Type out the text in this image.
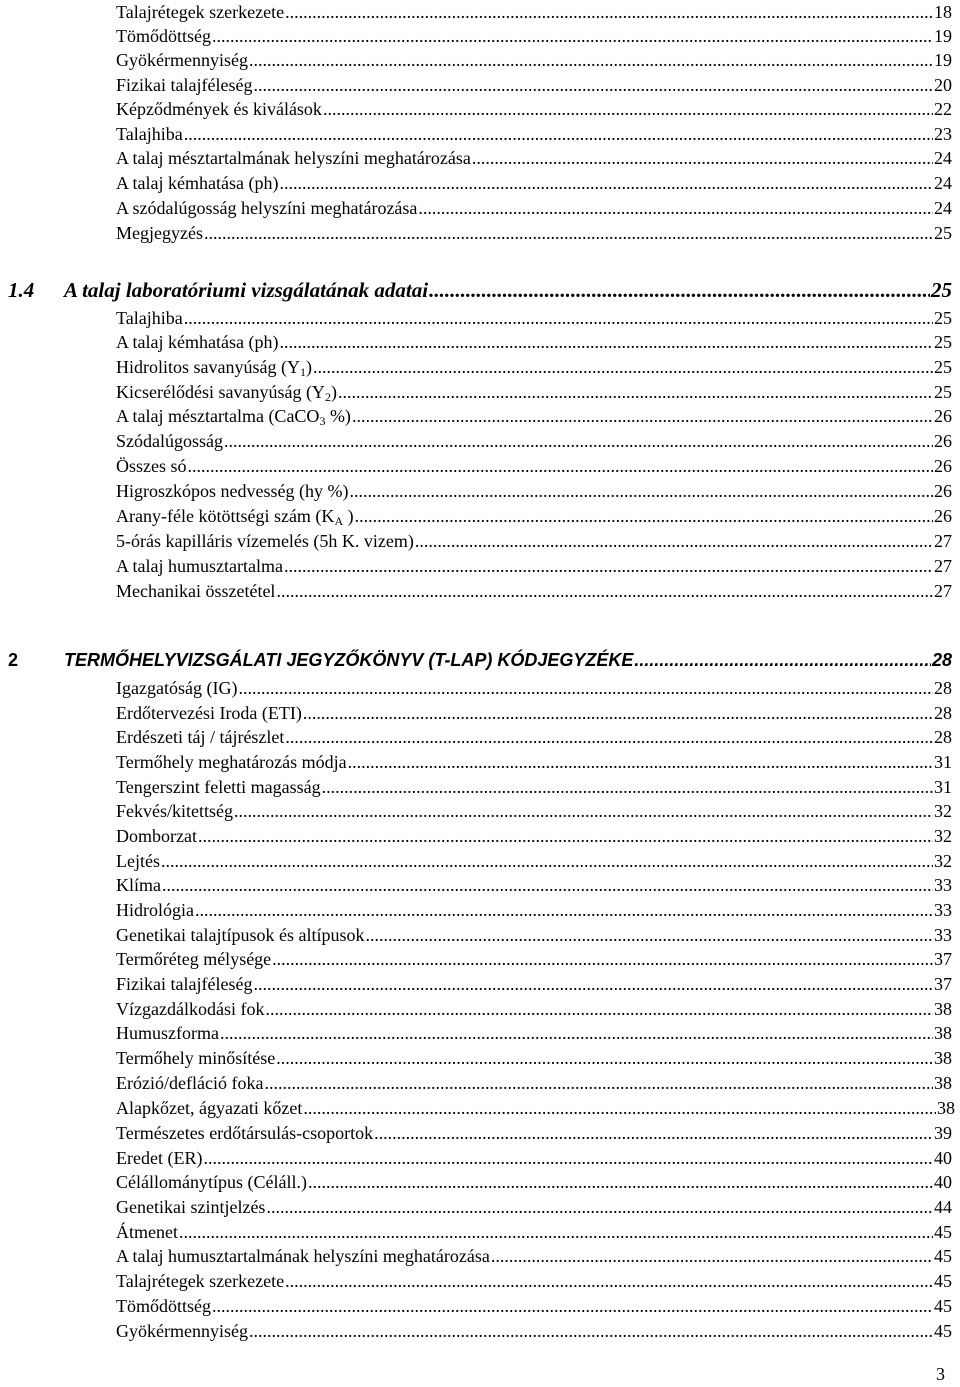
Talajrétegek szerkezete .....	18
Tömődöttség .....	19
Gyökérmennyiség .....	19
Fizikai talajféleség .....	20
Képződmények és kiválások .....	22
Talajhiba .....	23
A talaj mésztartalmának helyszíni meghatározása .....	24
A talaj kémhatása (ph) .....	24
A szódalúgosság helyszíni meghatározása .....	24
Megjegyzés .....	25
1.4 A talaj laboratóriumi vizsgálatának adatai .....	25
Talajhiba .....	25
A talaj kémhatása (ph) .....	25
Hidrolitos savanyúság $(Y_1)$ .....	25
Kicserélődési savanyúság $(Y_2)$ .....	25
A talaj mésztartalma (CaCO$_3$ %) .....	26
Szódalúgosság .....	26
Összes só .....	26
Higroszkópos nedvesség (hy %) .....	26
Arany-féle kötöttségi szám ($K_A$ ) .....	26
5-órás kapilláris vízemelés (5h K. vizem) .....	27
A talaj humusztartalma .....	27
Mechanikai összetétel .....	27
2	TERMŐHELYVIZSGÁLATI JEGYZŐKÖNYV (T-LAP) KÓDJEGYZÉKE .....	28
Igazgatóság (IG) .....	28
Erdőtervezési Iroda (ETI) .....	28
Erdészeti táj / tájrészlet .....	28
Termőhely meghatározás módja .....	31
Tengerszint feletti magasság .....	31
Fekvés/kitettség .....	32
Domborzat .....	32
Lejtés .....	32
Klíma .....	33
Hidrológia .....	33
Genetikai talajtípusok és altípusok .....	33
Termőréteg mélysége .....	37
Fizikai talajféleség .....	37
Vízgazdálkodási fok .....	38
Humuszforma .....	38
Termőhely minősítése .....	38
Erózió/defláció foka .....	38
Alapkőzet, ágyazati kőzet .....	38
Természetes erdőtársulás-csoportok .....	39
Eredet (ER) .....	40
Célállománytípus (Céláll.) .....	40
Genetikai szintjelzés .....	44
Átmenet .....	45
A talaj humusztartalmának helyszíni meghatározása .....	45
Talajrétegek szerkezete .....	45
Tömődöttség .....	45
Gyökérmennyiség .....	45
3
